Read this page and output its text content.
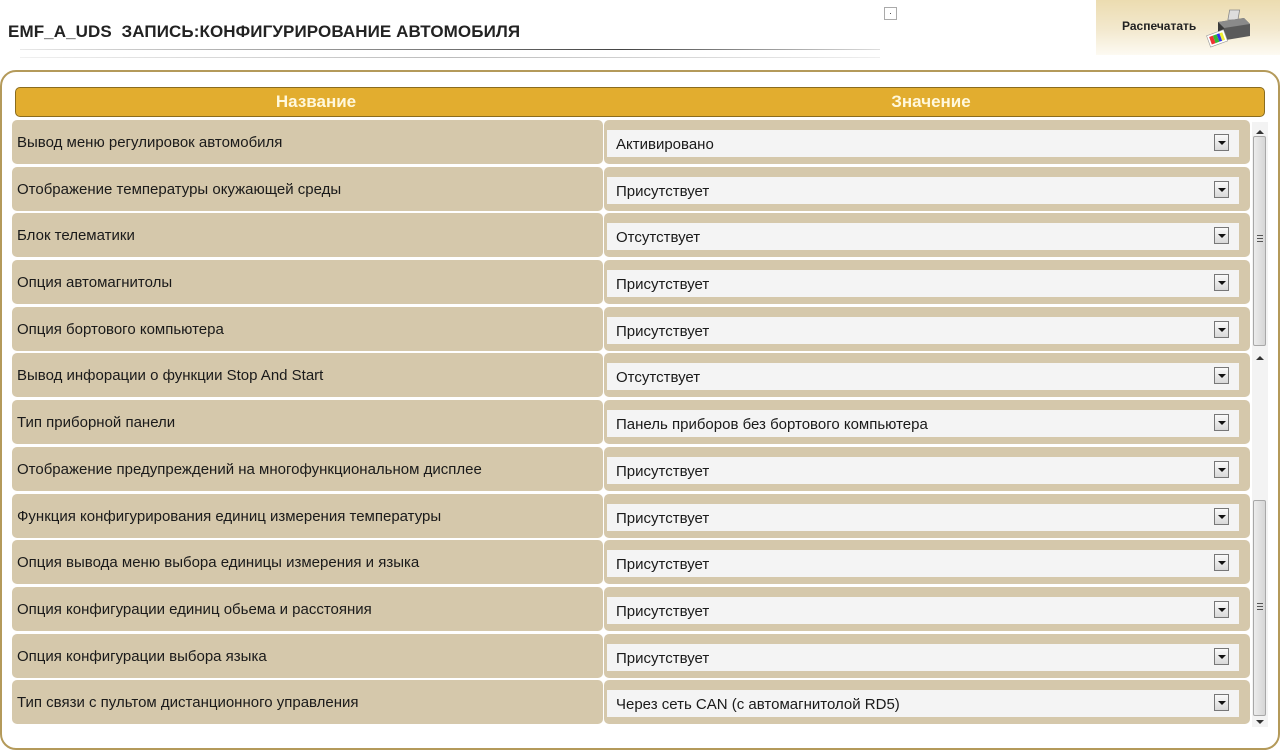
EMF_A_UDS  ЗАПИСЬ:КОНФИГУРИРОВАНИЕ АВТОМОБИЛЯ
·
Распечатать
Название	Значение
Вывод меню регулировок автомобиля	Активировано
Отображение температуры окужающей среды	Присутствует
Блок телематики	Отсутствует
Опция автомагнитолы	Присутствует
Опция бортового компьютера	Присутствует
Вывод инфорации о функции Stop And Start	Отсутствует
Тип приборной панели	Панель приборов без бортового компьютера
Отображение предупреждений на многофункциональном дисплее	Присутствует
Функция конфигурирования единиц измерения температуры	Присутствует
Опция вывода меню выбора единицы измерения и языка	Присутствует
Опция конфигурации единиц обьема и расстояния	Присутствует
Опция конфигурации выбора языка	Присутствует
Тип связи с пультом дистанционного управления	Через сеть CAN (с автомагнитолой RD5)
